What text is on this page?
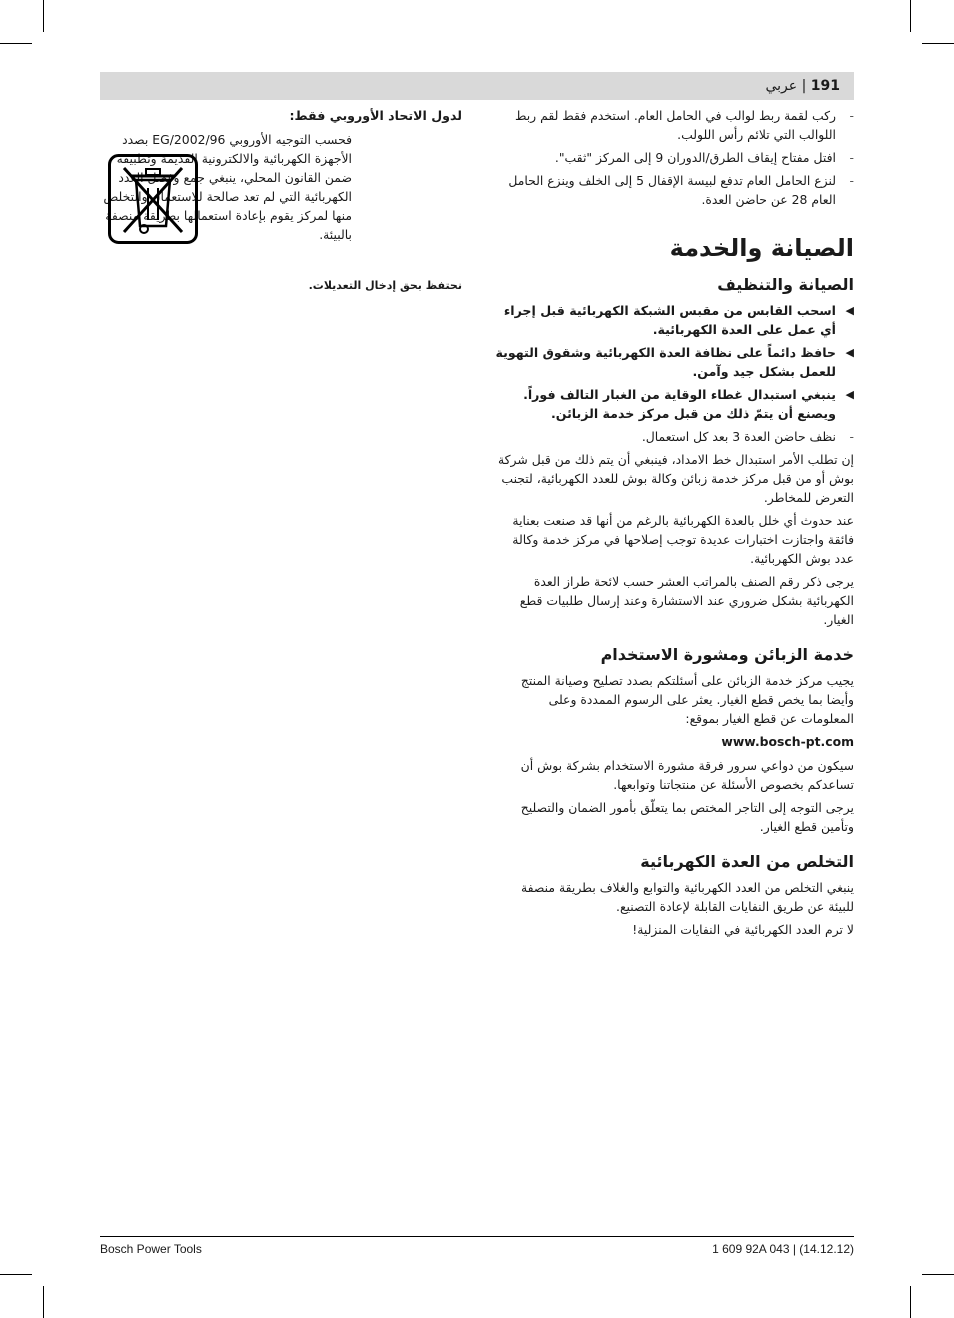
191 | عربي
-
ركب لقمة ربط لوالب في الحامل العام. استخدم فقط لقم ربط اللوالب التي تلائم رأس اللولب.
-
افتل مفتاح إيقاف الطرق/الدوران 9 إلى المركز "ثقب".
-
لنزع الحامل العام تدفع لبيسة الإقفال 5 إلى الخلف وينزع الحامل العام 28 عن حاضن العدة.
الصيانة والخدمة
الصيانة والتنظيف
◀
اسحب القابس من مقبس الشبكة الكهربائية قبل إجراء أي عمل على العدة الكهربائية.
◀
حافظ دائماً على نظافة العدة الكهربائية وشقوق التهوية للعمل بشكل جيد وآمن.
◀
ينبغي استبدال غطاء الوقاية من الغبار التالف فوراً. ويصنع أن يتمّ ذلك من قبل مركز خدمة الزبائن.
-
نظف حاضن العدة 3 بعد كل استعمال.

إن تطلب الأمر استبدال خط الامداد، فينبغي أن يتم ذلك من قبل شركة بوش أو من قبل مركز خدمة زبائن وكالة بوش للعدد الكهربائية، لتجنب التعرض للمخاطر.

عند حدوث أي خلل بالعدة الكهربائية بالرغم من أنها قد صنعت بعناية فائقة واجتازت اختبارات عديدة توجب إصلاحها في مركز خدمة وكالة عدد بوش الكهربائية.

يرجى ذكر رقم الصنف بالمراتب العشر حسب لائحة طراز العدة الكهربائية بشكل ضروري عند الاستشارة وعند إرسال طلبيات قطع الغيار.

خدمة الزبائن ومشورة الاستخدام

يجيب مركز خدمة الزبائن على أسئلتكم بصدد تصليح وصيانة المنتج وأيضا بما يخص قطع الغيار. يعثر على الرسوم الممددة وعلى المعلومات عن قطع الغيار بموقع:

www.bosch-pt.com

سيكون من دواعي سرور فرقة مشورة الاستخدام بشركة بوش أن تساعدكم بخصوص الأسئلة عن منتجاتنا وتوابعها.

يرجى التوجه إلى التاجر المختص بما يتعلّق بأمور الضمان والتصليح وتأمين قطع الغيار.

التخلص من العدة الكهربائية

ينبغي التخلص من العدد الكهربائية والتوابع والغلاف بطريقة منصفة للبيئة عن طريق النفايات القابلة لإعادة التصنيع.

لا ترم العدد الكهربائية في النفايات المنزلية!

لدول الاتحاد الأوروبي فقط:
فحسب التوجيه الأوروبي 2002/96/EG بصدد الأجهزة الكهربائية والالكترونية القديمة وتطبيقه ضمن القانون المحلي، ينبغي جمع وفصل العدد الكهربائية التي لم تعد صالحة للاستعمال والتخلص منها لمركز يقوم بإعادة استعمالها بطريقة منصفة بالبيئة.
نحتفظ بحق إدخال التعديلات.
Bosch Power Tools	1 609 92A 043 | (14.12.12)
